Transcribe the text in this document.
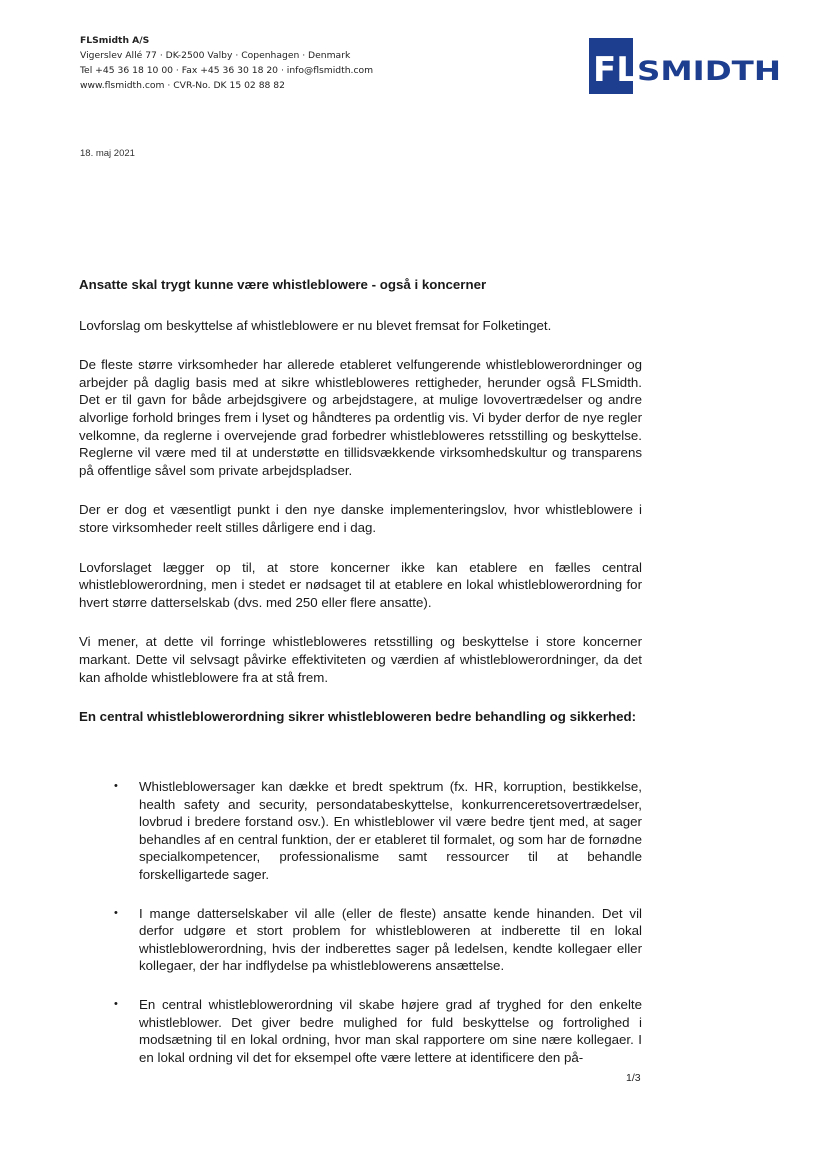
FLSmidth A/S
Vigerslev Allé 77 · DK-2500 Valby · Copenhagen · Denmark
Tel +45 36 18 10 00 · Fax +45 36 30 18 20 · info@flsmidth.com
www.flsmidth.com · CVR-No. DK 15 02 88 82	FL SMIDTH
18. maj 2021
Ansatte skal trygt kunne være whistleblowere - også i koncerner

Lovforslag om beskyttelse af whistleblowere er nu blevet fremsat for Folketinget.

De fleste større virksomheder har allerede etableret velfungerende whistleblowerordninger og arbejder på daglig basis med at sikre whistlebloweres rettigheder, herunder også FLSmidth. Det er til gavn for både arbejdsgivere og arbejdstagere, at mulige lovovertrædelser og andre alvorlige forhold bringes frem i lyset og håndteres pa ordentlig vis. Vi byder derfor de nye regler velkomne, da reglerne i overvejende grad forbedrer whistlebloweres retsstilling og beskyttelse. Reglerne vil være med til at understøtte en tillidsvækkende virksomhedskultur og transparens på offentlige såvel som private arbejdspladser.

Der er dog et væsentligt punkt i den nye danske implementeringslov, hvor whistleblowere i store virksomheder reelt stilles dårligere end i dag.

Lovforslaget lægger op til, at store koncerner ikke kan etablere en fælles central whistleblowerordning, men i stedet er nødsaget til at etablere en lokal whistleblowerordning for hvert større datterselskab (dvs. med 250 eller flere ansatte).

Vi mener, at dette vil forringe whistlebloweres retsstilling og beskyttelse i store koncerner markant. Dette vil selvsagt påvirke effektiviteten og værdien af whistleblowerordninger, da det kan afholde whistleblowere fra at stå frem.

En central whistleblowerordning sikrer whistlebloweren bedre behandling og sikkerhed:
• Whistleblowersager kan dække et bredt spektrum (fx. HR, korruption, bestikkelse, health safety and security, persondatabeskyttelse, konkurrenceretsovertrædelser, lovbrud i bredere forstand osv.). En whistleblower vil være bedre tjent med, at sager behandles af en central funktion, der er etableret til formalet, og som har de fornødne specialkompetencer, professionalisme samt ressourcer til at behandle forskelligartede sager.
• I mange datterselskaber vil alle (eller de fleste) ansatte kende hinanden. Det vil derfor udgøre et stort problem for whistlebloweren at indberette til en lokal whistleblowerordning, hvis der indberettes sager på ledelsen, kendte kollegaer eller kollegaer, der har indflydelse pa whistleblowerens ansættelse.
• En central whistleblowerordning vil skabe højere grad af tryghed for den enkelte whistleblower. Det giver bedre mulighed for fuld beskyttelse og fortrolighed i modsætning til en lokal ordning, hvor man skal rapportere om sine nære kollegaer. I en lokal ordning vil det for eksempel ofte være lettere at identificere den på-
1/3
